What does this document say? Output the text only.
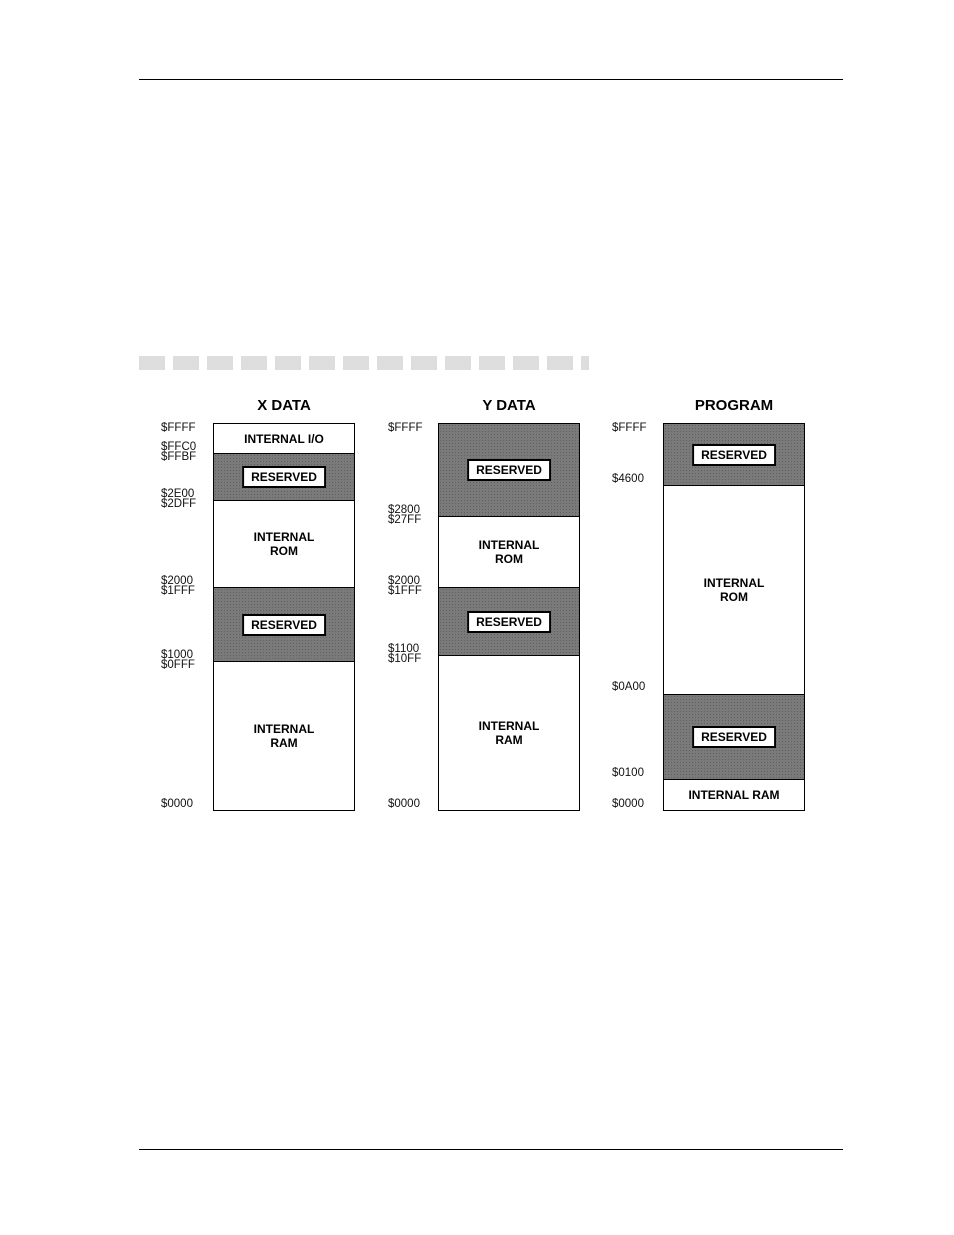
X DATA
INTERNAL I/O
RESERVED
INTERNAL
ROM
RESERVED
INTERNAL
RAM
$FFFF
$FFC0
$FFBF
$2E00
$2DFF
$2000
$1FFF
$1000
$0FFF
$0000
Y DATA
RESERVED
INTERNAL
ROM
RESERVED
INTERNAL
RAM
$FFFF
$2800
$27FF
$2000
$1FFF
$1100
$10FF
$0000
PROGRAM
RESERVED
INTERNAL
ROM
RESERVED
INTERNAL RAM
$FFFF
$4600
$0A00
$0100
$0000
